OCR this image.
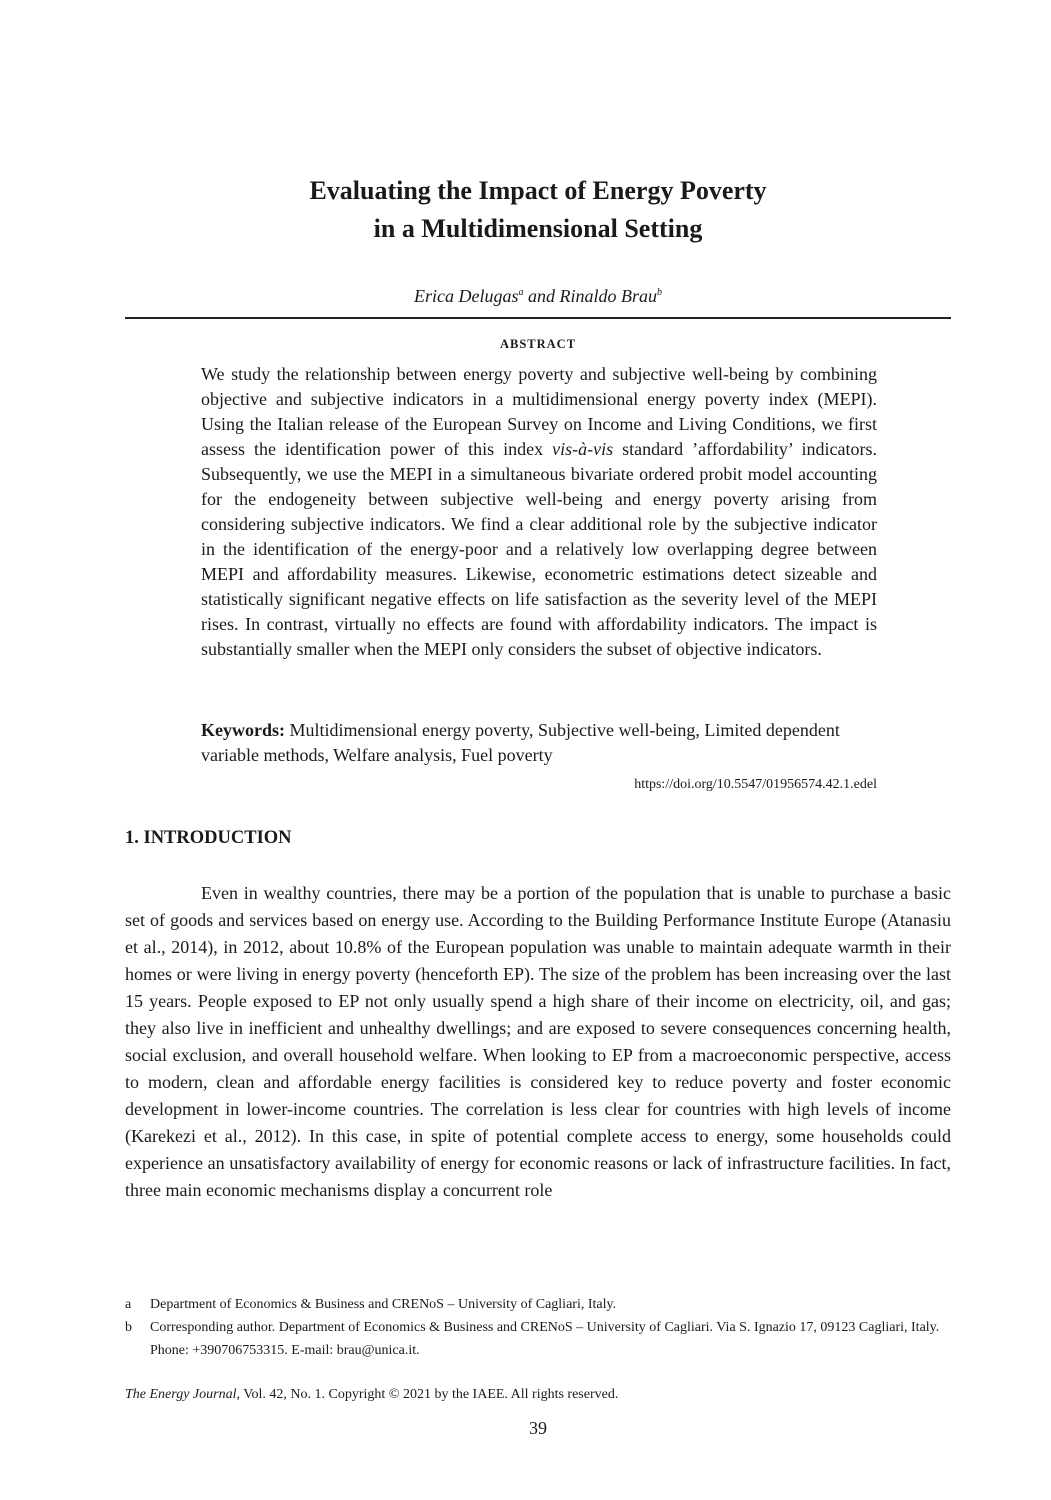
Evaluating the Impact of Energy Poverty
in a Multidimensional Setting
Erica Delugas$^a$ and Rinaldo Brau$^b$
ABSTRACT

We study the relationship between energy poverty and subjective well-being by combining objective and subjective indicators in a multidimensional energy poverty index (MEPI). Using the Italian release of the European Survey on Income and Living Conditions, we first assess the identification power of this index vis-à-vis standard ’affordability’ indicators. Subsequently, we use the MEPI in a simultaneous bivariate ordered probit model accounting for the endogeneity between subjective well-being and energy poverty arising from considering subjective indicators. We find a clear additional role by the subjective indicator in the identification of the energy-poor and a relatively low overlapping degree between MEPI and affordability measures. Likewise, econometric estimations detect sizeable and statistically significant negative effects on life satisfaction as the severity level of the MEPI rises. In contrast, virtually no effects are found with affordability indicators. The impact is substantially smaller when the MEPI only considers the subset of objective indicators.

Keywords: Multidimensional energy poverty, Subjective well-being, Limited dependent variable methods, Welfare analysis, Fuel poverty

https://doi.org/10.5547/01956574.42.1.edel
1. INTRODUCTION

Even in wealthy countries, there may be a portion of the population that is unable to purchase a basic set of goods and services based on energy use. According to the Building Performance Institute Europe (Atanasiu et al., 2014), in 2012, about 10.8% of the European population was unable to maintain adequate warmth in their homes or were living in energy poverty (henceforth EP). The size of the problem has been increasing over the last 15 years. People exposed to EP not only usually spend a high share of their income on electricity, oil, and gas; they also live in inefficient and unhealthy dwellings; and are exposed to severe consequences concerning health, social exclusion, and overall household welfare. When looking to EP from a macroeconomic perspective, access to modern, clean and affordable energy facilities is considered key to reduce poverty and foster economic development in lower-income countries. The correlation is less clear for countries with high levels of income (Karekezi et al., 2012). In this case, in spite of potential complete access to energy, some households could experience an unsatisfactory availability of energy for economic reasons or lack of infrastructure facilities. In fact, three main economic mechanisms display a concurrent role

a Department of Economics & Business and CRENoS – University of Cagliari, Italy.
b Corresponding author. Department of Economics & Business and CRENoS – University of Cagliari. Via S. Ignazio 17, 09123 Cagliari, Italy. Phone: +390706753315. E-mail: brau@unica.it.
The Energy Journal, Vol. 42, No. 1. Copyright © 2021 by the IAEE. All rights reserved.
39
